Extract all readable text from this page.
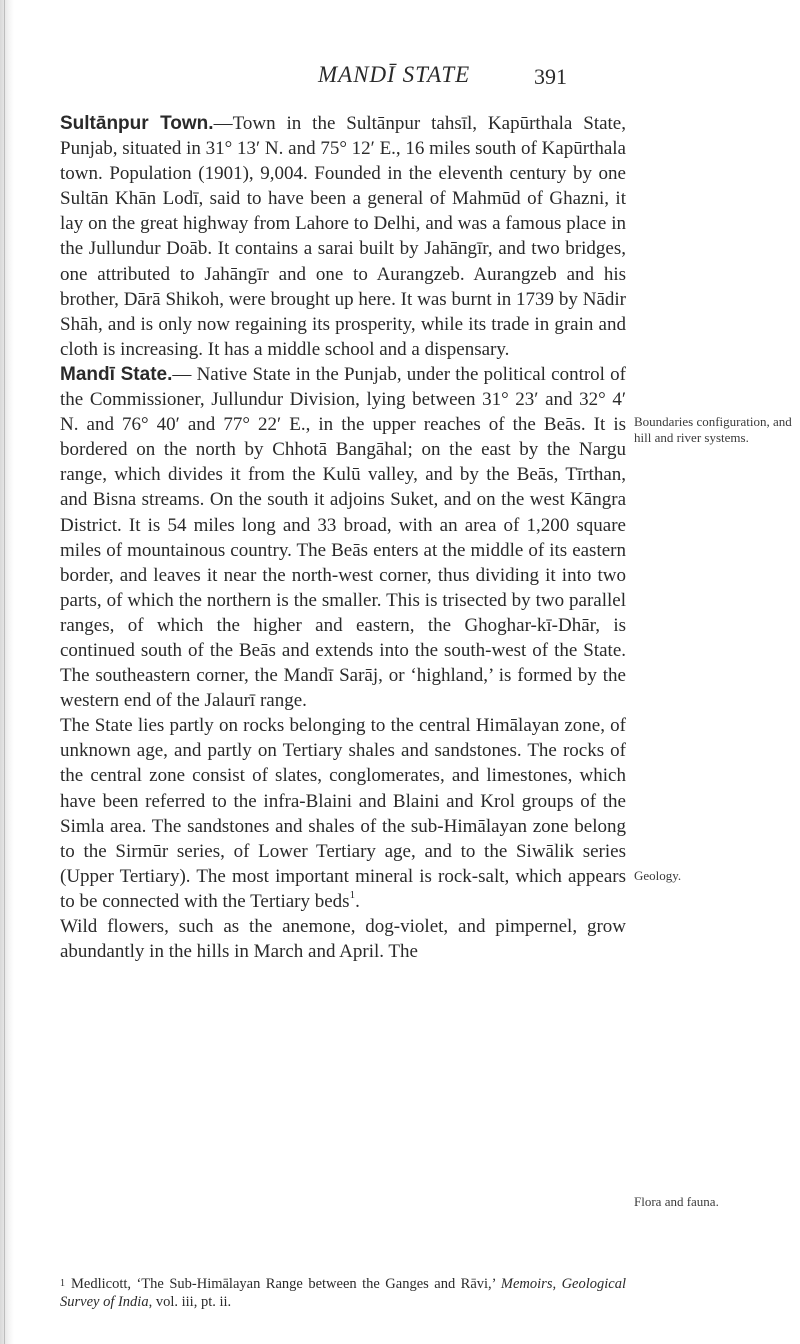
MANDĪ STATE	391

Sultānpur Town.—Town in the Sultānpur tahsīl, Kapūrthala State, Punjab, situated in 31° 13′ N. and 75° 12′ E., 16 miles south of Kapūrthala town. Population (1901), 9,004. Founded in the eleventh century by one Sultān Khān Lodī, said to have been a general of Mahmūd of Ghazni, it lay on the great highway from Lahore to Delhi, and was a famous place in the Jullundur Doāb. It contains a sarai built by Jahāngīr, and two bridges, one attributed to Jahāngīr and one to Aurangzeb. Aurangzeb and his brother, Dārā Shikoh, were brought up here. It was burnt in 1739 by Nādir Shāh, and is only now regaining its prosperity, while its trade in grain and cloth is increasing. It has a middle school and a dispensary.

Mandī State.— Native State in the Punjab, under the political control of the Commissioner, Jullundur Division, lying between 31° 23′ and 32° 4′ N. and 76° 40′ and 77° 22′ E., in the upper reaches of the Beās. It is bordered on the north by Chhotā Bangāhal; on the east by the Nargu range, which divides it from the Kulū valley, and by the Beās, Tīrthan, and Bisna streams. On the south it adjoins Suket, and on the west Kāngra District. It is 54 miles long and 33 broad, with an area of 1,200 square miles of mountainous country. The Beās enters at the middle of its eastern border, and leaves it near the north-west corner, thus dividing it into two parts, of which the northern is the smaller. This is trisected by two parallel ranges, of which the higher and eastern, the Ghoghar-kī-Dhār, is continued south of the Beās and extends into the south-west of the State. The southeastern corner, the Mandī Sarāj, or ‘highland,’ is formed by the western end of the Jalaurī range.

The State lies partly on rocks belonging to the central Himālayan zone, of unknown age, and partly on Tertiary shales and sandstones. The rocks of the central zone consist of slates, conglomerates, and limestones, which have been referred to the infra-Blaini and Blaini and Krol groups of the Simla area. The sandstones and shales of the sub-Himālayan zone belong to the Sirmūr series, of Lower Tertiary age, and to the Siwālik series (Upper Tertiary). The most important mineral is rock-salt, which appears to be connected with the Tertiary beds$^1$.

Wild flowers, such as the anemone, dog-violet, and pimpernel, grow abundantly in the hills in March and April. The

Boundaries configuration, and hill and river systems.
Geology.
Flora and fauna.
$^1$ Medlicott, ‘The Sub-Himālayan Range between the Ganges and Rāvi,’ Memoirs, Geological Survey of India, vol. iii, pt. ii.
